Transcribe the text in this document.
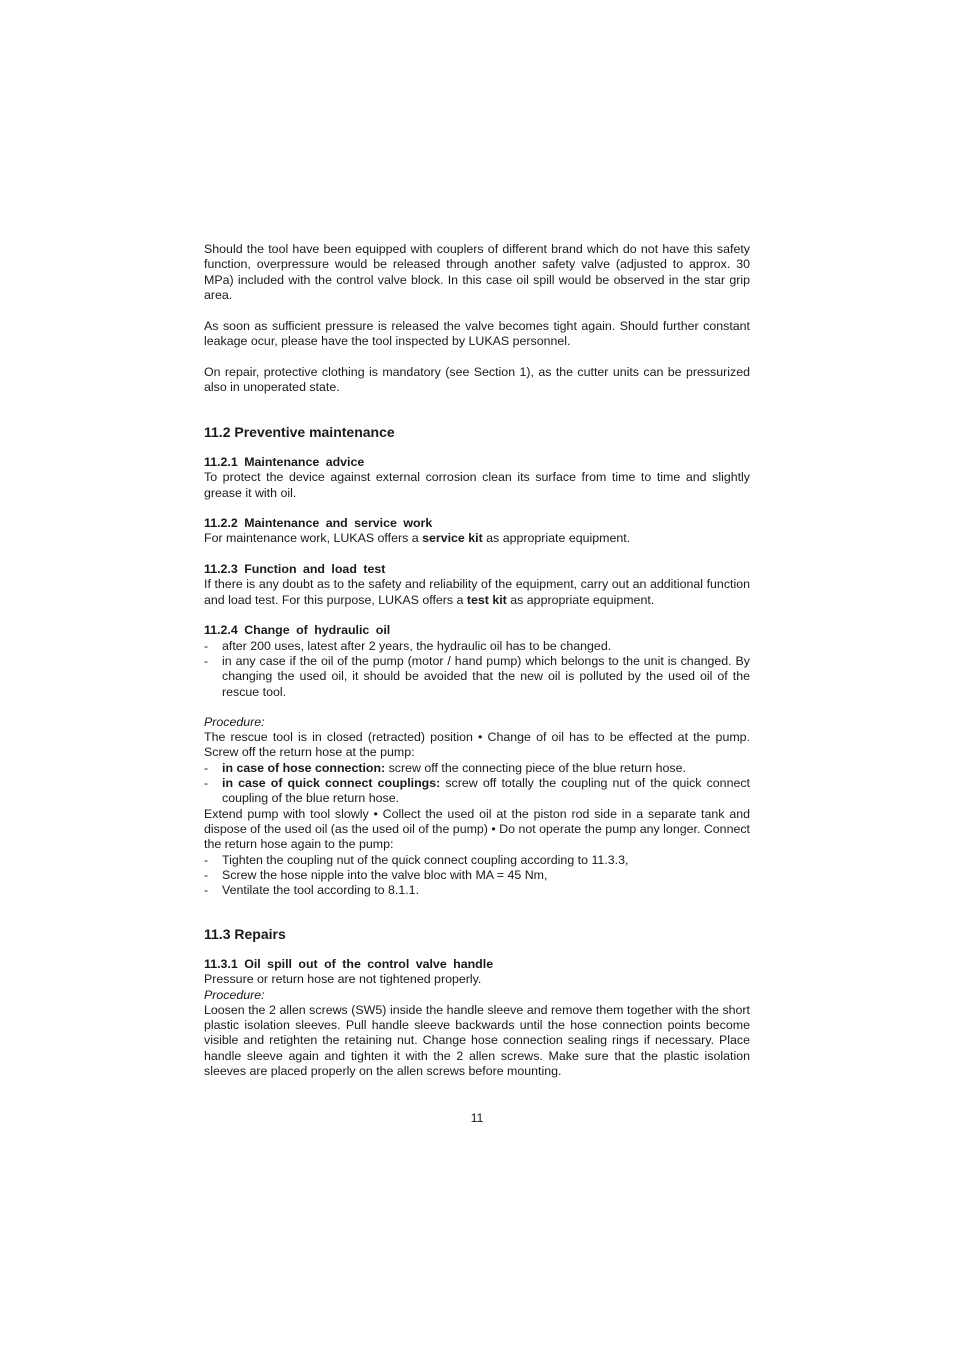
Should the tool have been equipped with couplers of different brand which do not have this safety function, overpressure would be released through another safety valve (adjusted to approx. 30 MPa) included with the control valve block. In this case oil spill would be observed in the star grip area.

As soon as sufficient pressure is released the valve becomes tight again. Should further constant leakage ocur, please have the tool inspected by LUKAS personnel.

On repair, protective clothing is mandatory (see Section 1), as the cutter units can be pressurized also in unoperated state.

11.2 Preventive maintenance
11.2.1 Maintenance advice

To protect the device against external corrosion clean its surface from time to time and slightly grease it with oil.

11.2.2 Maintenance and service work

For maintenance work, LUKAS offers a service kit as appropriate equipment.

11.2.3 Function and load test

If there is any doubt as to the safety and reliability of the equipment, carry out an additional function and load test. For this purpose, LUKAS offers a test kit as appropriate equipment.

11.2.4 Change of hydraulic oil
-	after 200 uses, latest after 2 years, the hydraulic oil has to be changed.
-	in any case if the oil of the pump (motor / hand pump) which belongs to the unit is changed. By changing the used oil, it should be avoided that the new oil is polluted by the used oil of the rescue tool.

Procedure:

The rescue tool is in closed (retracted) position • Change of oil has to be effected at the pump. Screw off the return hose at the pump:

-	in case of hose connection: screw off the connecting piece of the blue return hose.
-	in case of quick connect couplings: screw off totally the coupling nut of the quick connect coupling of the blue return hose.

Extend pump with tool slowly • Collect the used oil at the piston rod side in a separate tank and dispose of the used oil (as the used oil of the pump) • Do not operate the pump any longer. Connect the return hose again to the pump:

-	Tighten the coupling nut of the quick connect coupling according to 11.3.3,
-	Screw the hose nipple into the valve bloc with MA = 45 Nm,
-	Ventilate the tool according to 8.1.1.
11.3 Repairs
11.3.1 Oil spill out of the control valve handle

Pressure or return hose are not tightened properly.

Procedure:

Loosen the 2 allen screws (SW5) inside the handle sleeve and remove them together with the short plastic isolation sleeves. Pull handle sleeve backwards until the hose connection points become visible and retighten the retaining nut. Change hose connection sealing rings if necessary. Place handle sleeve again and tighten it with the 2 allen screws. Make sure that the plastic isolation sleeves are placed properly on the allen screws before mounting.

11
